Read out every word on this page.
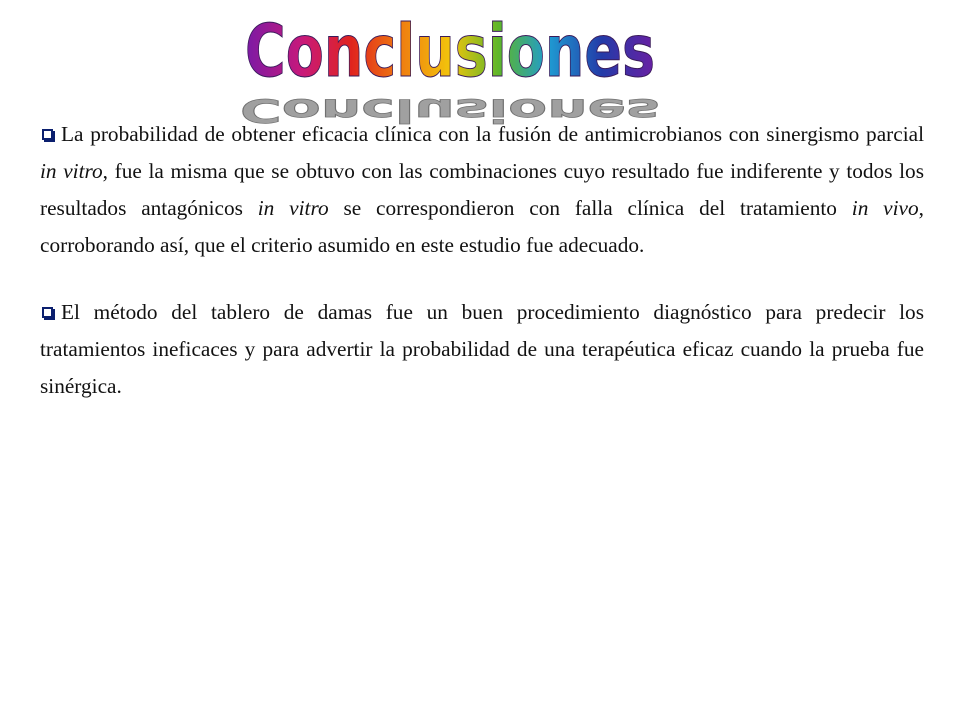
Conclusiones
Conclusiones

La probabilidad de obtener eficacia clínica con la fusión de antimicrobianos con sinergismo parcial in vitro, fue la misma que se obtuvo con las combinaciones cuyo resultado fue indiferente y todos los resultados antagónicos in vitro se correspondieron con falla clínica del tratamiento in vivo, corroborando así, que el criterio asumido en este estudio fue adecuado.

El método del tablero de damas fue un buen procedimiento diagnóstico para predecir los tratamientos ineficaces y para advertir la probabilidad de una terapéutica eficaz cuando la prueba fue sinérgica.
